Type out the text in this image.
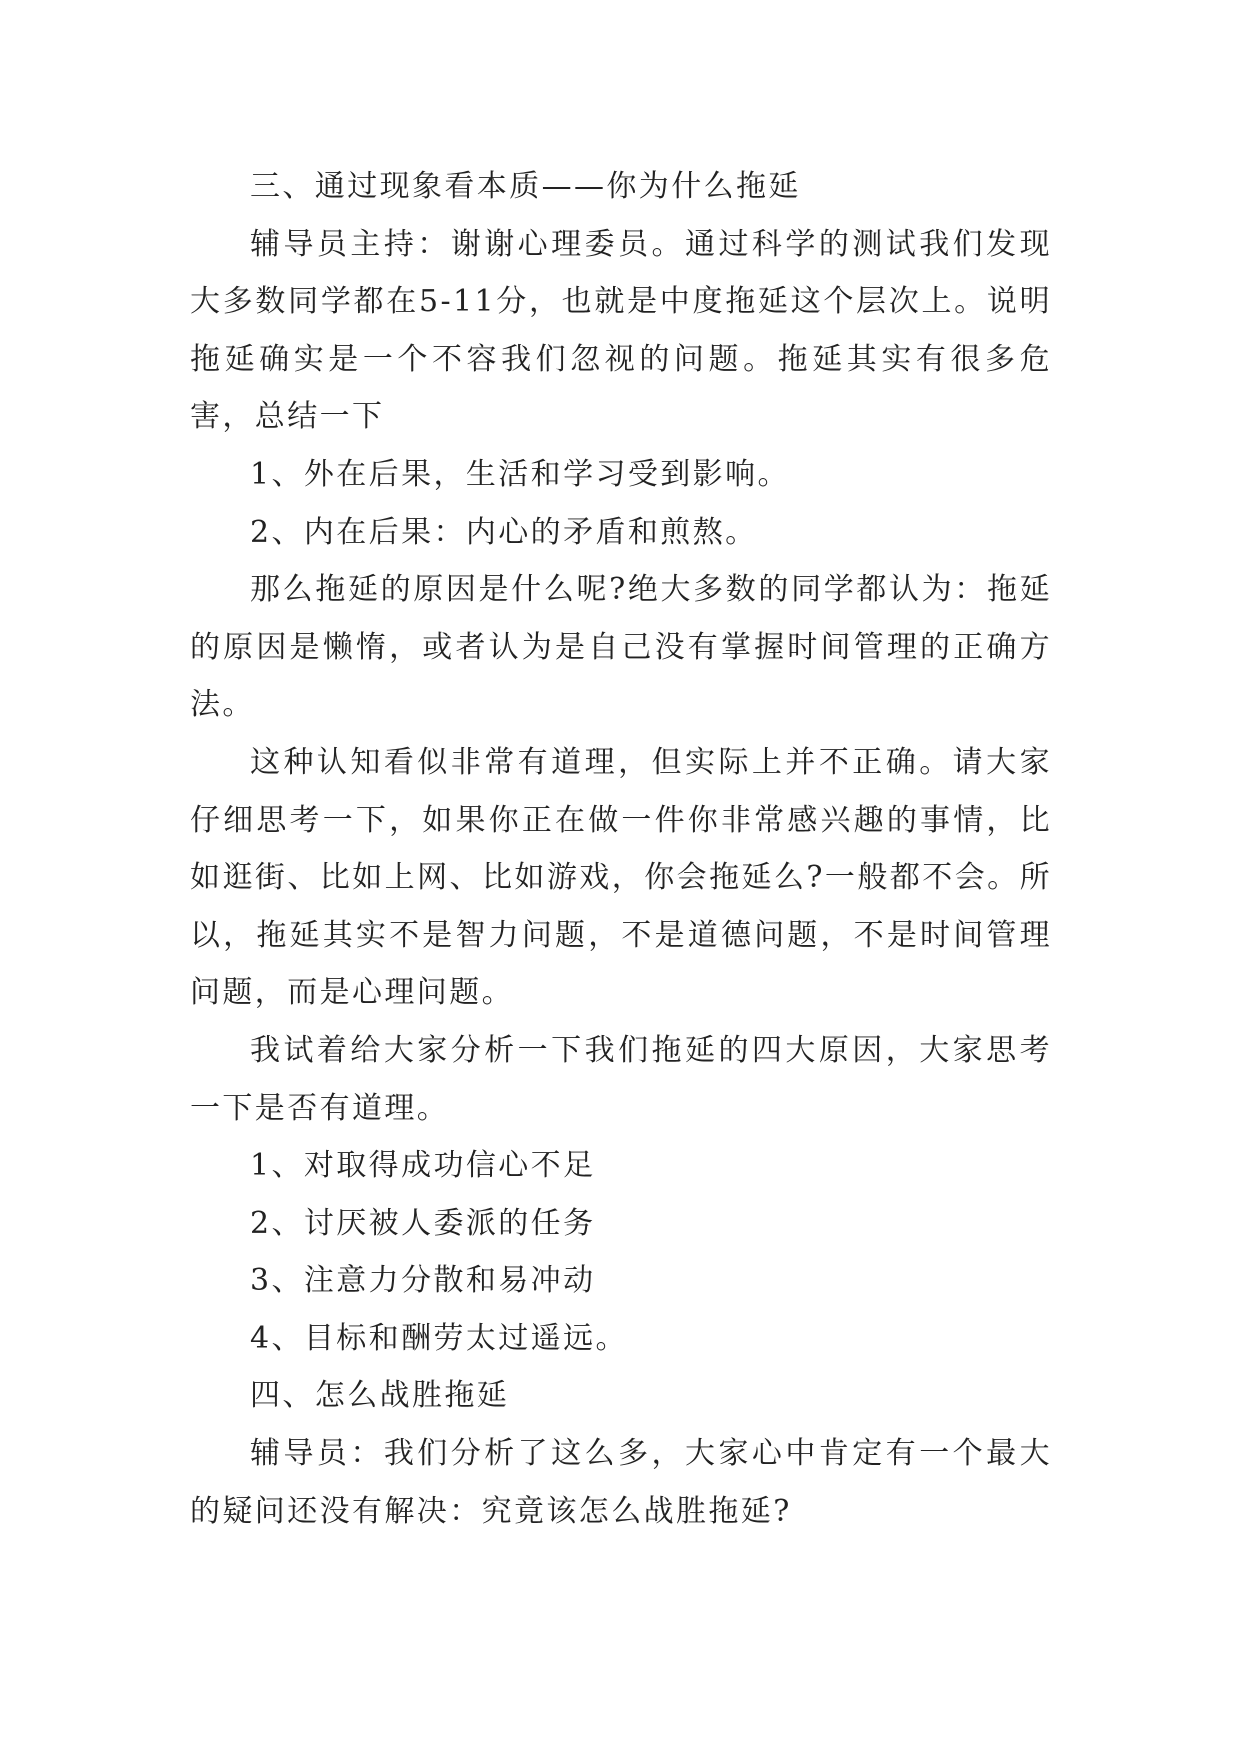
三、通过现象看本质——你为什么拖延

辅导员主持：谢谢心理委员。通过科学的测试我们发现大多数同学都在5-11分，也就是中度拖延这个层次上。说明拖延确实是一个不容我们忽视的问题。拖延其实有很多危害，总结一下

1、外在后果，生活和学习受到影响。

2、内在后果：内心的矛盾和煎熬。

那么拖延的原因是什么呢?绝大多数的同学都认为：拖延的原因是懒惰，或者认为是自己没有掌握时间管理的正确方法。

这种认知看似非常有道理，但实际上并不正确。请大家仔细思考一下，如果你正在做一件你非常感兴趣的事情，比如逛街、比如上网、比如游戏，你会拖延么?一般都不会。所以，拖延其实不是智力问题，不是道德问题，不是时间管理问题，而是心理问题。

我试着给大家分析一下我们拖延的四大原因，大家思考一下是否有道理。

1、对取得成功信心不足

2、讨厌被人委派的任务

3、注意力分散和易冲动

4、目标和酬劳太过遥远。

四、怎么战胜拖延

辅导员：我们分析了这么多，大家心中肯定有一个最大的疑问还没有解决：究竟该怎么战胜拖延?
